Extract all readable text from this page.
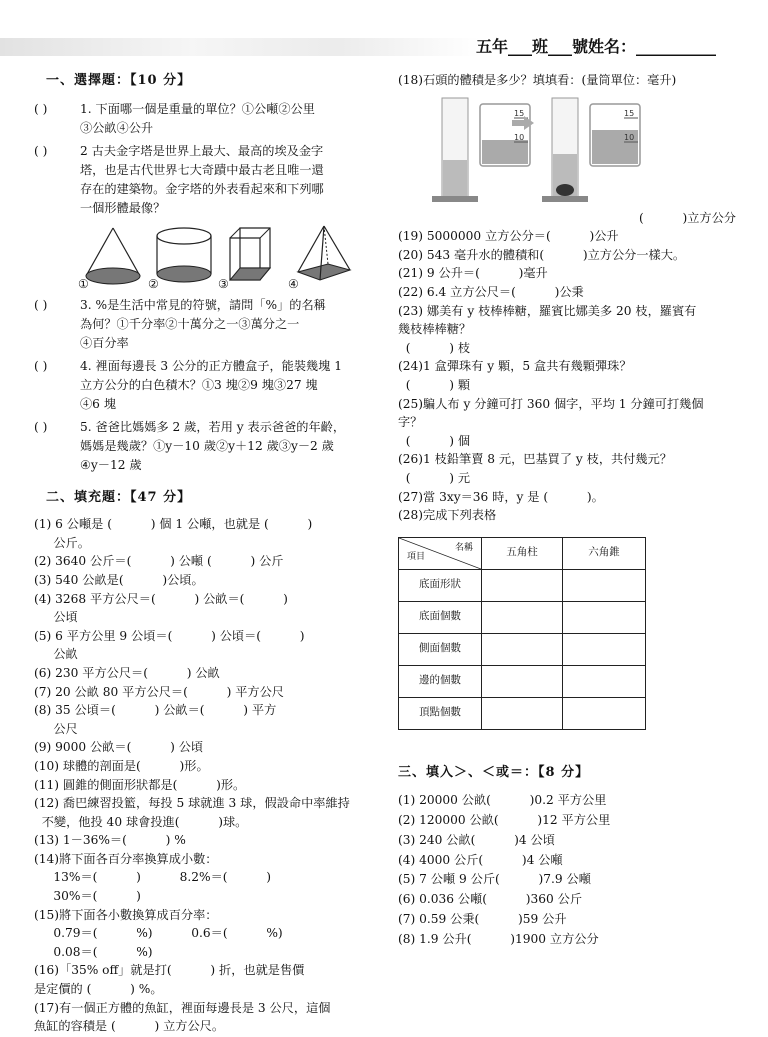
五年___班___號姓名：__________
一、選擇題：【10 分】
( )	1. 下面哪一個是重量的單位？①公噸②公里
③公畝④公升
( )	2 古夫金字塔是世界上最大、最高的埃及金字
塔，也是古代世界七大奇蹟中最古老且唯一還
存在的建築物。金字塔的外表看起來和下列哪
一個形體最像？
①	②	③	④
( )	3. %是生活中常見的符號，請問「%」的名稱
為何？①千分率②十萬分之一③萬分之一
④百分率
( )	4. 裡面每邊長 3 公分的正方體盒子，能裝幾塊 1
立方公分的白色積木？①3 塊②9 塊③27 塊
④6 塊
( )	5. 爸爸比媽媽多 2 歲，若用 y 表示爸爸的年齡，
媽媽是幾歲？①y－10 歲②y＋12 歲③y－2 歲
④y－12 歲
二、填充題：【47 分】
(1) 6 公噸是 (          ) 個 1 公噸，也就是 (          )
公斤。
(2) 3640 公斤＝(          ) 公噸 (          ) 公斤
(3) 540 公畝是(          )公頃。
(4) 3268 平方公尺＝(          ) 公畝＝(          )
公頃
(5) 6 平方公里 9 公頃＝(          ) 公頃＝(          )
公畝
(6) 230 平方公尺＝(          ) 公畝
(7) 20 公畝 80 平方公尺＝(          ) 平方公尺
(8) 35 公頃＝(          ) 公畝＝(          ) 平方
公尺
(9) 9000 公畝＝(          ) 公頃
(10) 球體的剖面是(          )形。
(11) 圓錐的側面形狀都是(          )形。
(12) 喬巴練習投籃，每投 5 球就進 3 球，假設命中率維持
不變，他投 40 球會投進(          )球。
(13) 1－36%＝(          ) %
(14)將下面各百分率換算成小數：
13%＝(          )          8.2%＝(          )
30%＝(          )
(15)將下面各小數換算成百分率：
0.79＝(          %)          0.6＝(          %)
0.08＝(          %)
(16)「35% off」就是打(          ) 折，也就是售價
是定價的 (          ) %。
(17)有一個正方體的魚缸，裡面每邊長是 3 公尺，這個
魚缸的容積是 (          ) 立方公尺。
(18)石頭的體積是多少？填填看：(量筒單位：毫升)
15
10
15
10
(          )立方公分
(19) 5000000 立方公分＝(          )公升
(20) 543 毫升水的體積和(          )立方公分一樣大。
(21) 9 公升＝(          )毫升
(22) 6.4 立方公尺＝(          )公秉
(23) 娜美有 y 枝棒棒糖，羅賓比娜美多 20 枝，羅賓有
幾枝棒棒糖？
(          ) 枝
(24)1 盒彈珠有 y 顆，5 盒共有幾顆彈珠？
(          ) 顆
(25)騙人布 y 分鐘可打 360 個字，平均 1 分鐘可打幾個
字？
(          ) 個
(26)1 枝鉛筆賣 8 元，巴基買了 y 枝，共付幾元？
(          ) 元
(27)當 3xy＝36 時，y 是 (          )。
(28)完成下列表格
名稱
項目	五角柱	六角錐
底面形狀		
底面個數		
側面個數		
邊的個數		
頂點個數		
三、填入＞、＜或＝：【8 分】
(1) 20000 公畝(          )0.2 平方公里
(2) 120000 公畝(          )12 平方公里
(3) 240 公畝(          )4 公頃
(4) 4000 公斤(          )4 公噸
(5) 7 公噸 9 公斤(          )7.9 公噸
(6) 0.036 公噸(          )360 公斤
(7) 0.59 公秉(          )59 公升
(8) 1.9 公升(          )1900 立方公分
